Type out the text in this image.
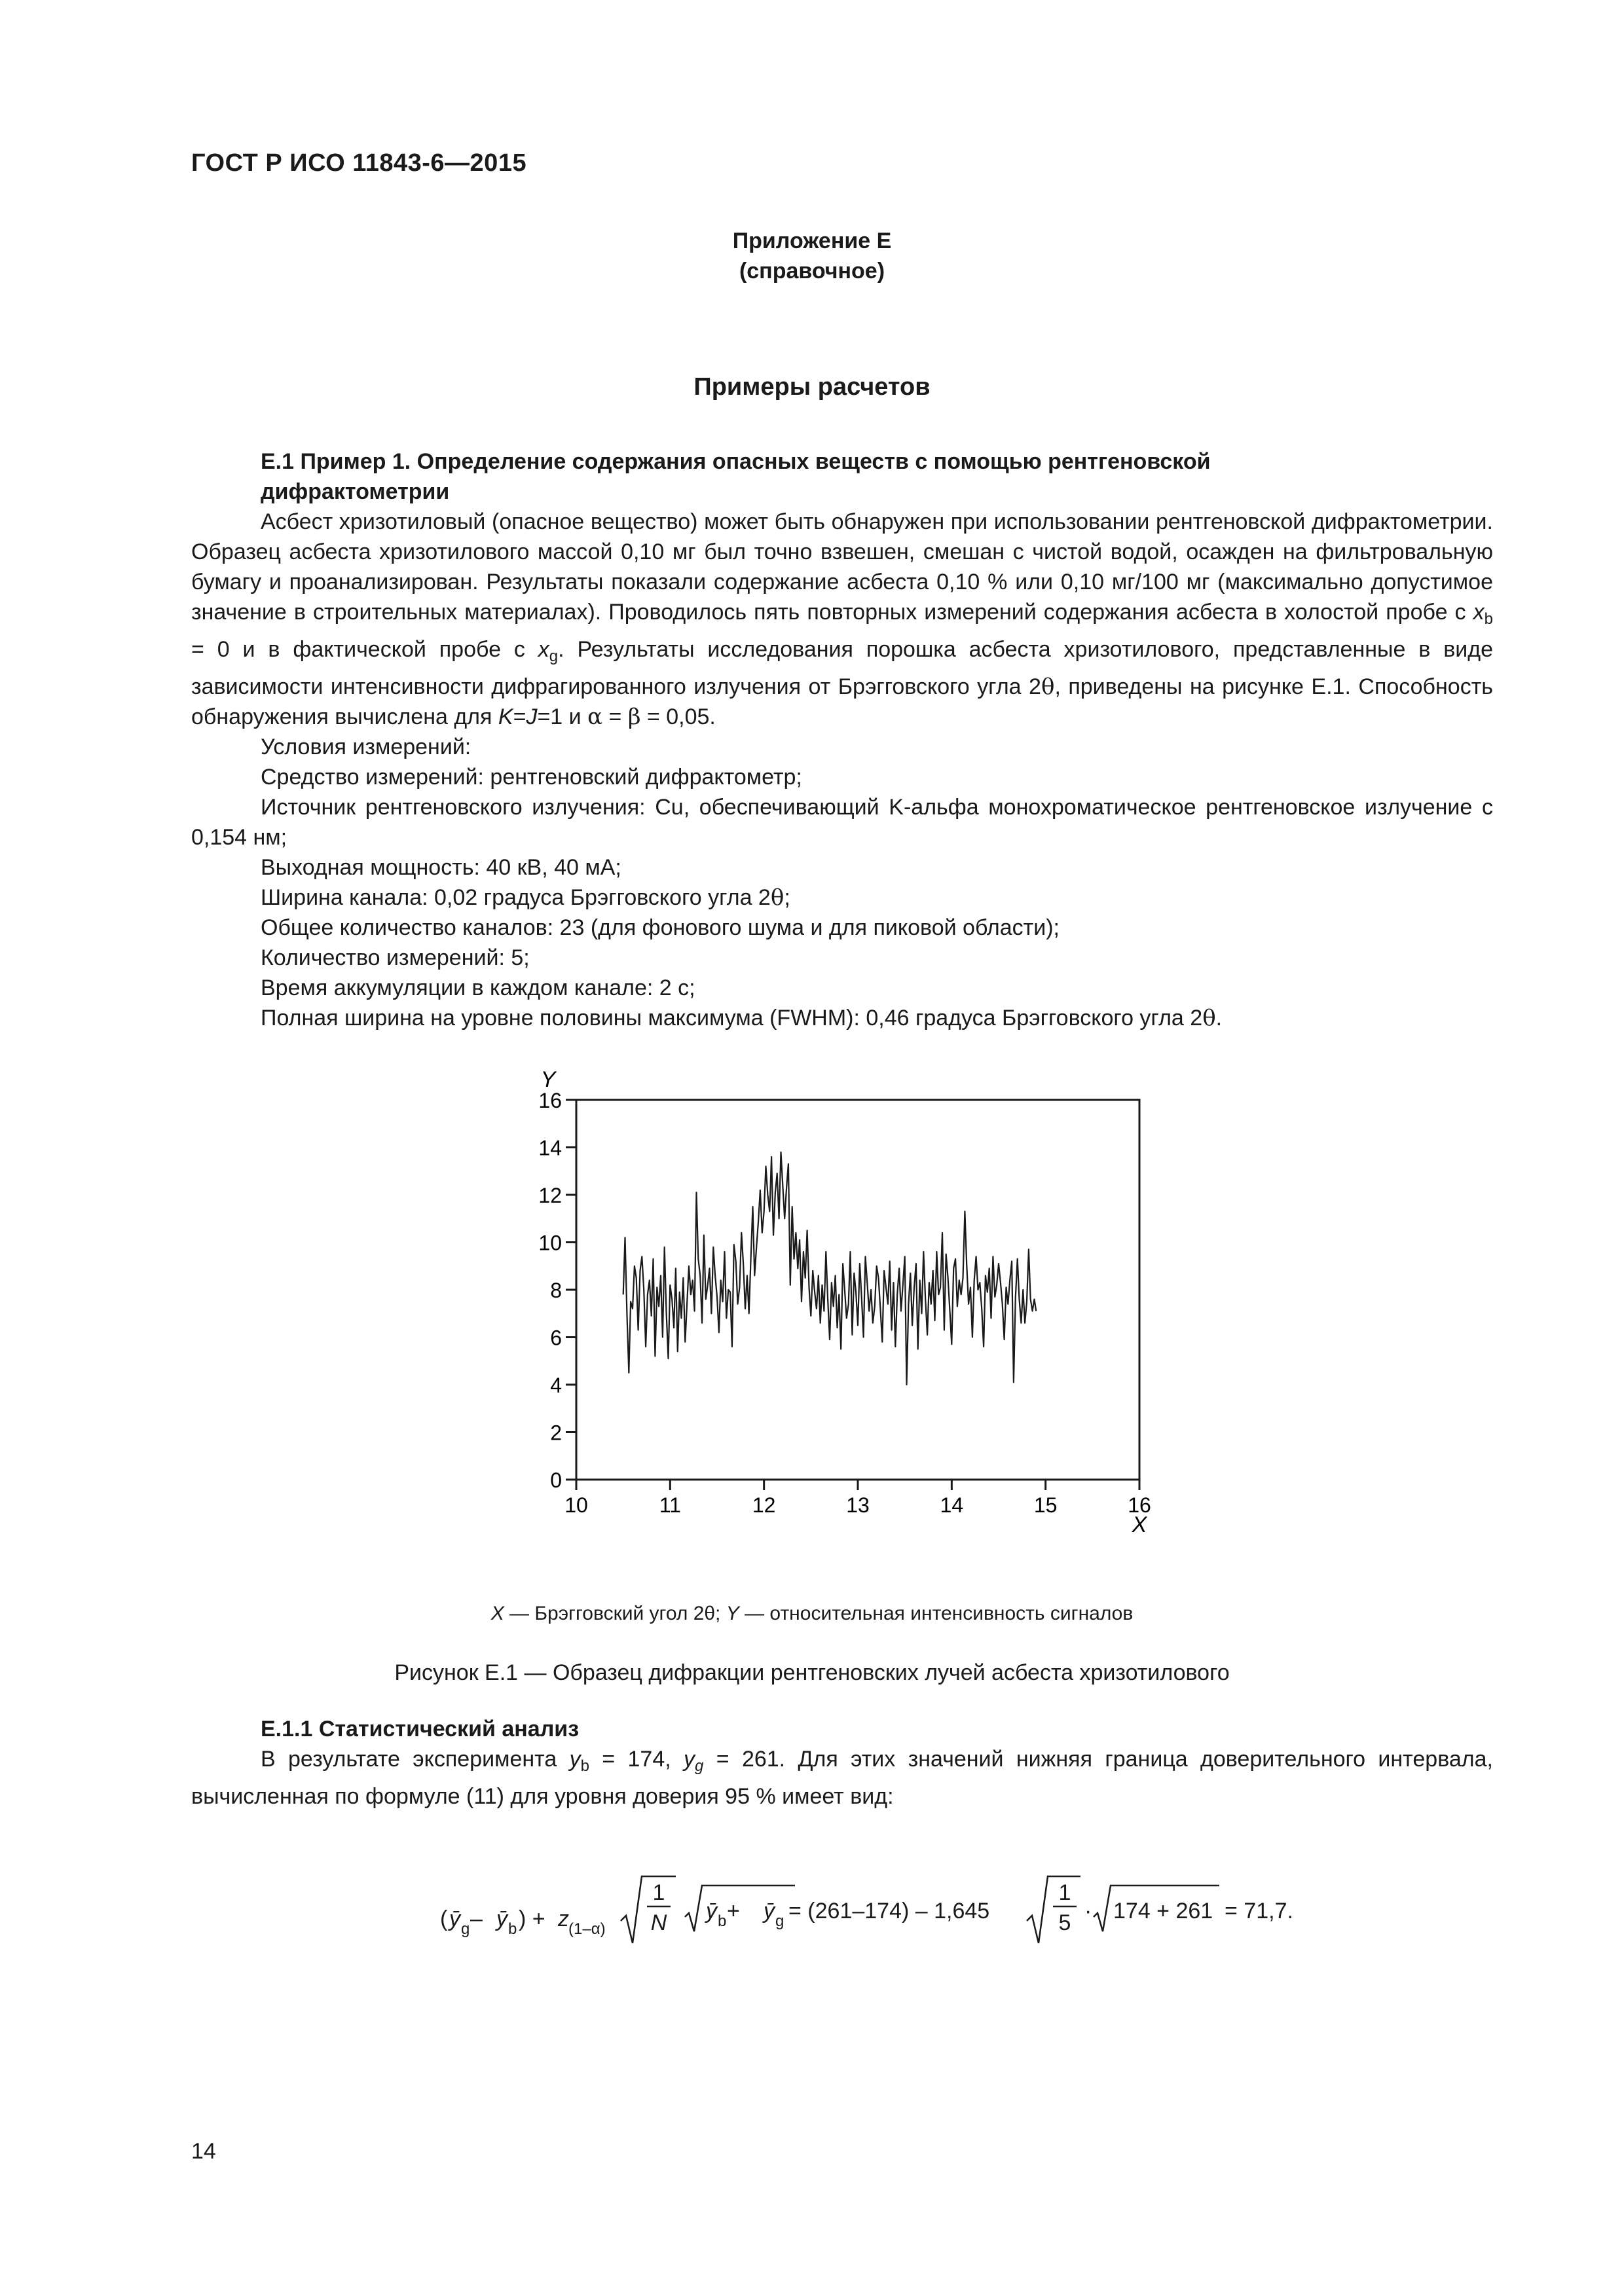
ГОСТ Р ИСО 11843-6—2015
Приложение Е
(справочное)
Примеры расчетов
Е.1 Пример 1. Определение содержания опасных веществ с помощью рентгеновской
дифрактометрии
Асбест хризотиловый (опасное вещество) может быть обнаружен при использовании рентгеновской дифрактометрии. Образец асбеста хризотилового массой 0,10 мг был точно взвешен, смешан с чистой водой, осажден на фильтровальную бумагу и проанализирован. Результаты показали содержание асбеста 0,10 % или 0,10 мг/100 мг (максимально допустимое значение в строительных материалах). Проводилось пять повторных измерений содержания асбеста в холостой пробе с $x_b = 0$ и в фактической пробе с $x_g$. Результаты исследования порошка асбеста хризотилового, представленные в виде зависимости интенсивности дифрагированного излучения от Брэгговского угла 2θ, приведены на рисунке Е.1. Способность обнаружения вычислена для K=J=1 и α = β = 0,05.
Условия измерений:
Средство измерений: рентгеновский дифрактометр;
Источник рентгеновского излучения: Cu, обеспечивающий K-альфа монохроматическое рентгеновское излучение с 0,154 нм;
Выходная мощность: 40 кВ, 40 мА;
Ширина канала: 0,02 градуса Брэгговского угла 2θ;
Общее количество каналов: 23 (для фонового шума и для пиковой области);
Количество измерений: 5;
Время аккумуляции в каждом канале: 2 с;
Полная ширина на уровне половины максимума (FWHM): 0,46 градуса Брэгговского угла 2θ.
0
2
4
6
8
10
12
14
16
10	11	12	13	14	15	16
Y
X
X — Брэгговский угол 2θ; Y — относительная интенсивность сигналов
Рисунок Е.1 — Образец дифракции рентгеновских лучей асбеста хризотилового
Е.1.1 Статистический анализ
В результате эксперимента $y_b = 174$, $y_g = 261$. Для этих значений нижняя граница доверительного интервала, вычисленная по формуле (11) для уровня доверия 95 % имеет вид:
( ȳ g – ȳ b ) + z (1–α)
1
N ȳ b + ȳ g = (261–174) – 1,645
1
5 · 174 + 261 = 71,7.
14
